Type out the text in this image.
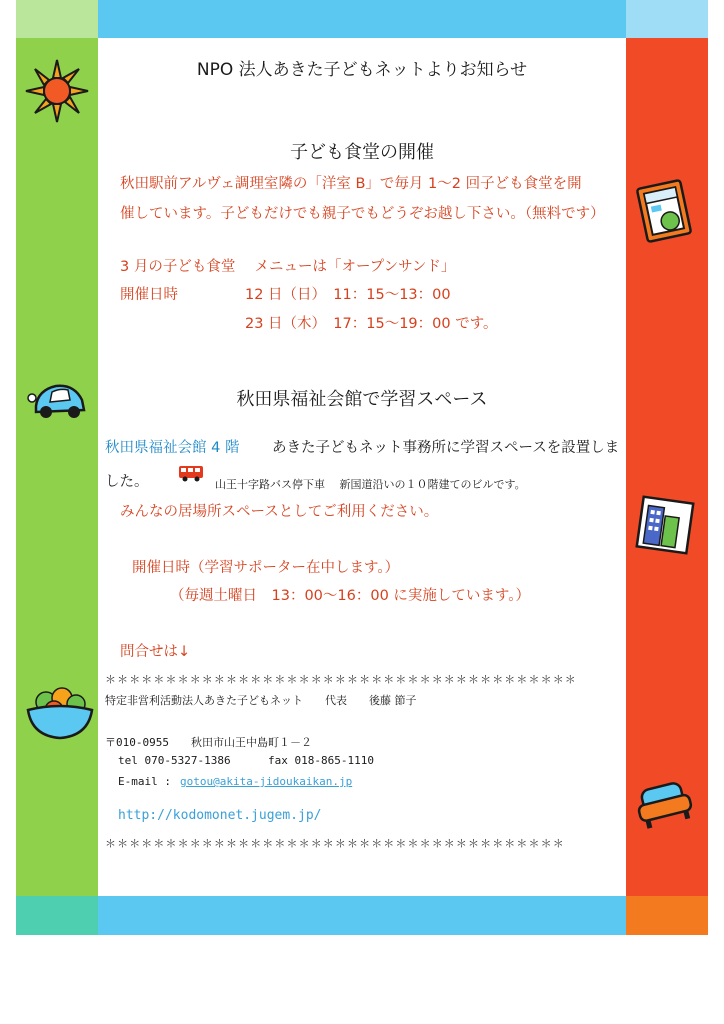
NPO 法人あきた子どもネットよりお知らせ
子ども食堂の開催
秋田駅前アルヴェ調理室隣の「洋室 B」で毎月 1～2 回子ども食堂を開
催しています。子どもだけでも親子でもどうぞお越し下さい。（無料です）
3 月の子ども食堂　 メニューは「オープンサンド」
開催日時	12 日（日）　11：15～13：00
23 日（木）　17：15～19：00 です。
秋田県福祉会館で学習スペース
秋田県福祉会館 4 階 あきた子どもネット事務所に学習スペースを設置しま
した。	山王十字路バス停下車　 新国道沿いの１０階建てのビルです。
みんなの居場所スペースとしてご利用ください。
開催日時（学習サポーター在中します。）
（毎週土曜日　13：00～16：00 に実施しています。）
問合せは↓
＊＊＊＊＊＊＊＊＊＊＊＊＊＊＊＊＊＊＊＊＊＊＊＊＊＊＊＊＊＊＊＊＊＊＊＊＊＊＊
特定非営利活動法人あきた子どもネット　　代表　　後藤 節子
〒010-0955　　秋田市山王中島町１－２
tel 070-5327-1386	fax 018-865-1110
E-mail : gotou@akita-jidoukaikan.jp
http://kodomonet.jugem.jp/
＊＊＊＊＊＊＊＊＊＊＊＊＊＊＊＊＊＊＊＊＊＊＊＊＊＊＊＊＊＊＊＊＊＊＊＊＊＊
